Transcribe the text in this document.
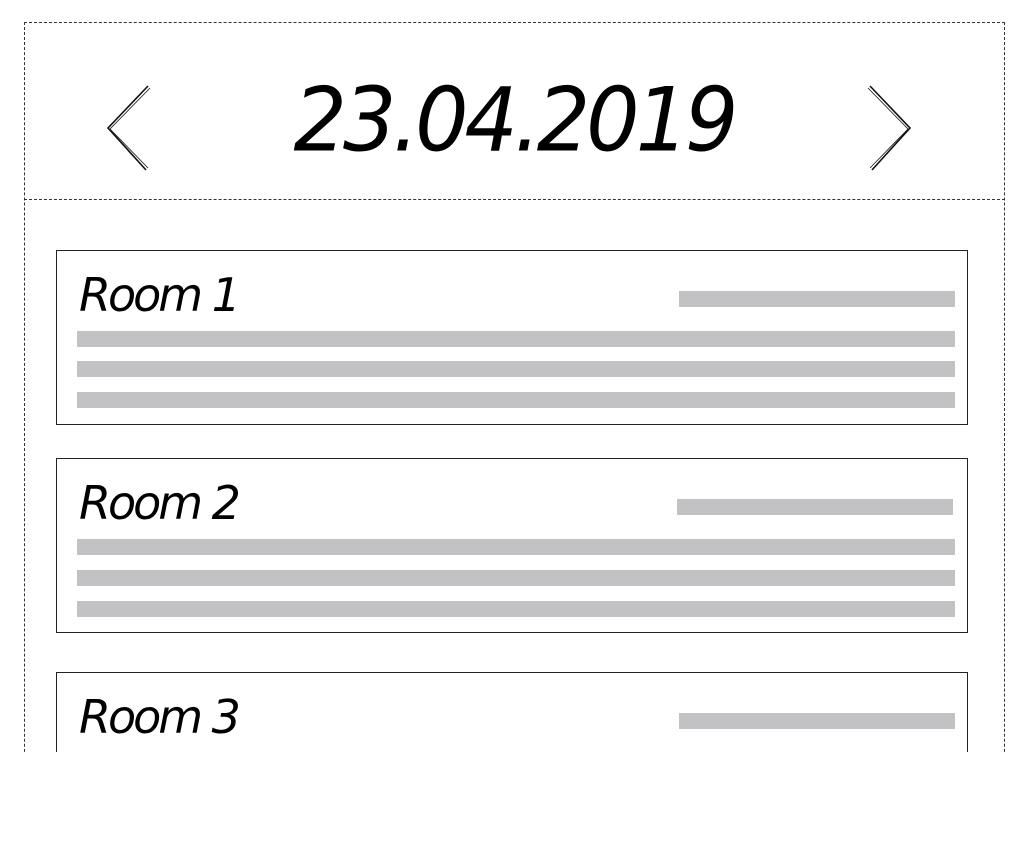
23.04.2019
Room 1
Room 2
Room 3
